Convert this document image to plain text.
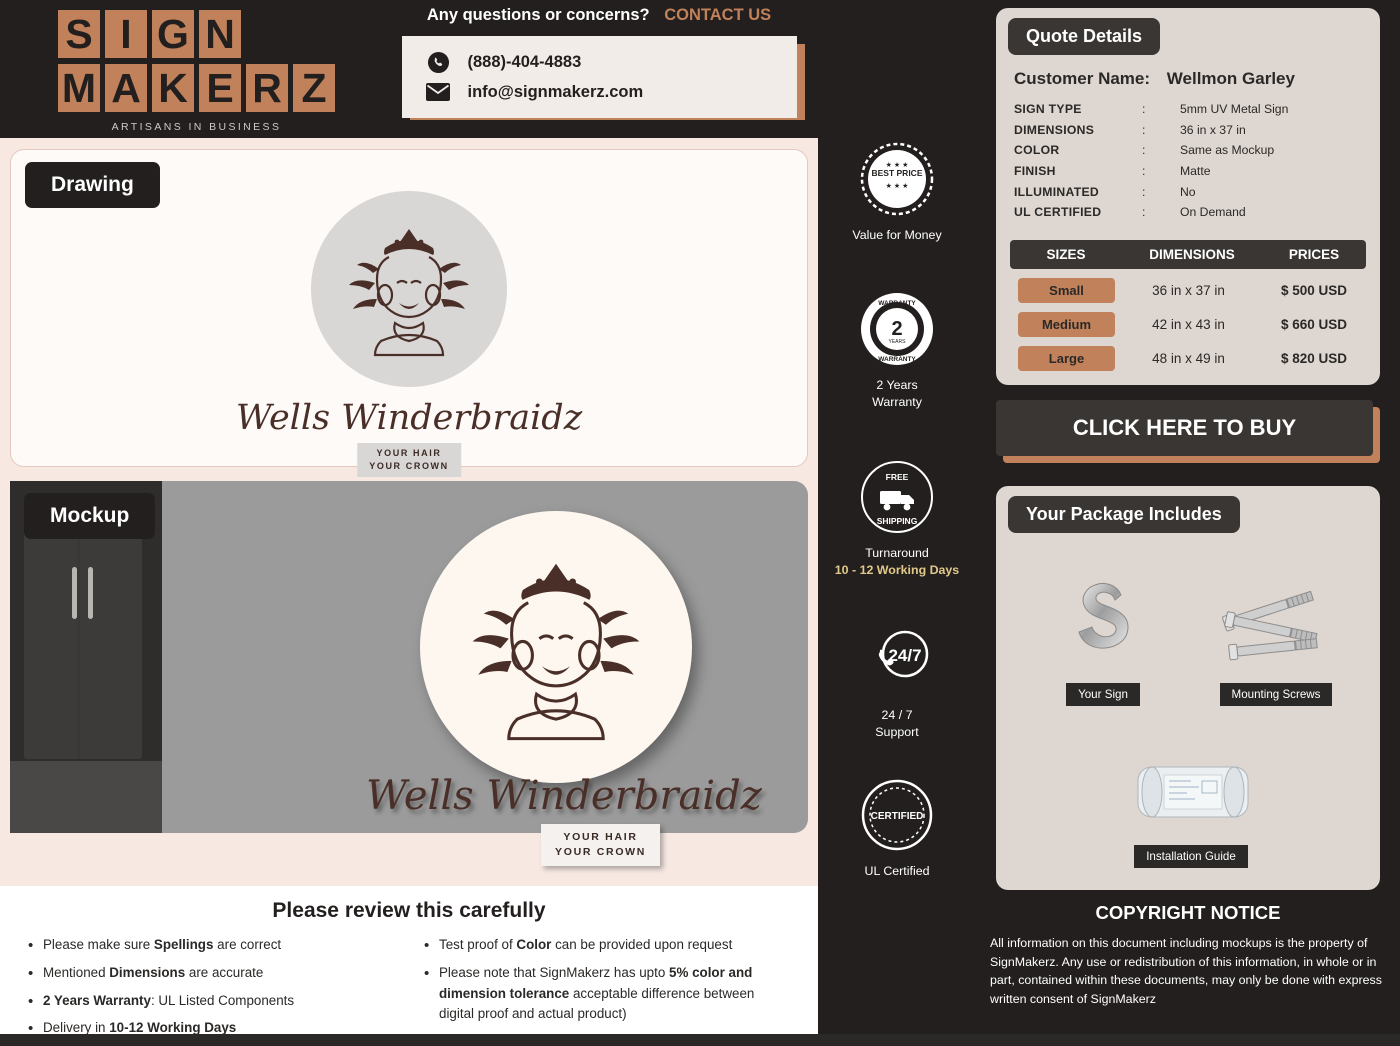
S I G N
M A K E R Z
ARTISANS IN BUSINESS
Any questions or concerns? CONTACT US
(888)-404-4883
info@signmakerz.com
Drawing
Wells Winderbraidz
YOUR HAIR
YOUR CROWN
Mockup
Wells Winderbraidz
YOUR HAIR
YOUR CROWN
Please review this carefully
• Please make sure Spellings are correct
• Mentioned Dimensions are accurate
• 2 Years Warranty: UL Listed Components
• Delivery in 10-12 Working Days
• Test proof of Color can be provided upon request
• Please note that SignMakerz has upto 5% color and dimension tolerance acceptable difference between digital proof and actual product)
BEST PRICE
★ ★ ★
★ ★ ★
Value for Money
2
YEARS
WARRANTY
WARRANTY
★	★
2 Years
Warranty
FREE
SHIPPING
Turnaround
10 - 12 Working Days
24/7
24 / 7
Support
CERTIFIED
UL Certified
Quote Details
Customer Name: Wellmon Garley
SIGN TYPE	:	5mm UV Metal Sign
DIMENSIONS	:	36 in x 37 in
COLOR	:	Same as Mockup
FINISH	:	Matte
ILLUMINATED	:	No
UL CERTIFIED	:	On Demand
SIZES	DIMENSIONS	PRICES
Small	36 in x 37 in	$ 500 USD
Medium	42 in x 43 in	$ 660 USD
Large	48 in x 49 in	$ 820 USD
CLICK HERE TO BUY
Your Package Includes
Your Sign	Mounting Screws
Installation Guide
COPYRIGHT NOTICE

All information on this document including mockups is the property of SignMakerz. Any use or redistribution of this information, in whole or in part, contained within these documents, may only be done with express written consent of SignMakerz
